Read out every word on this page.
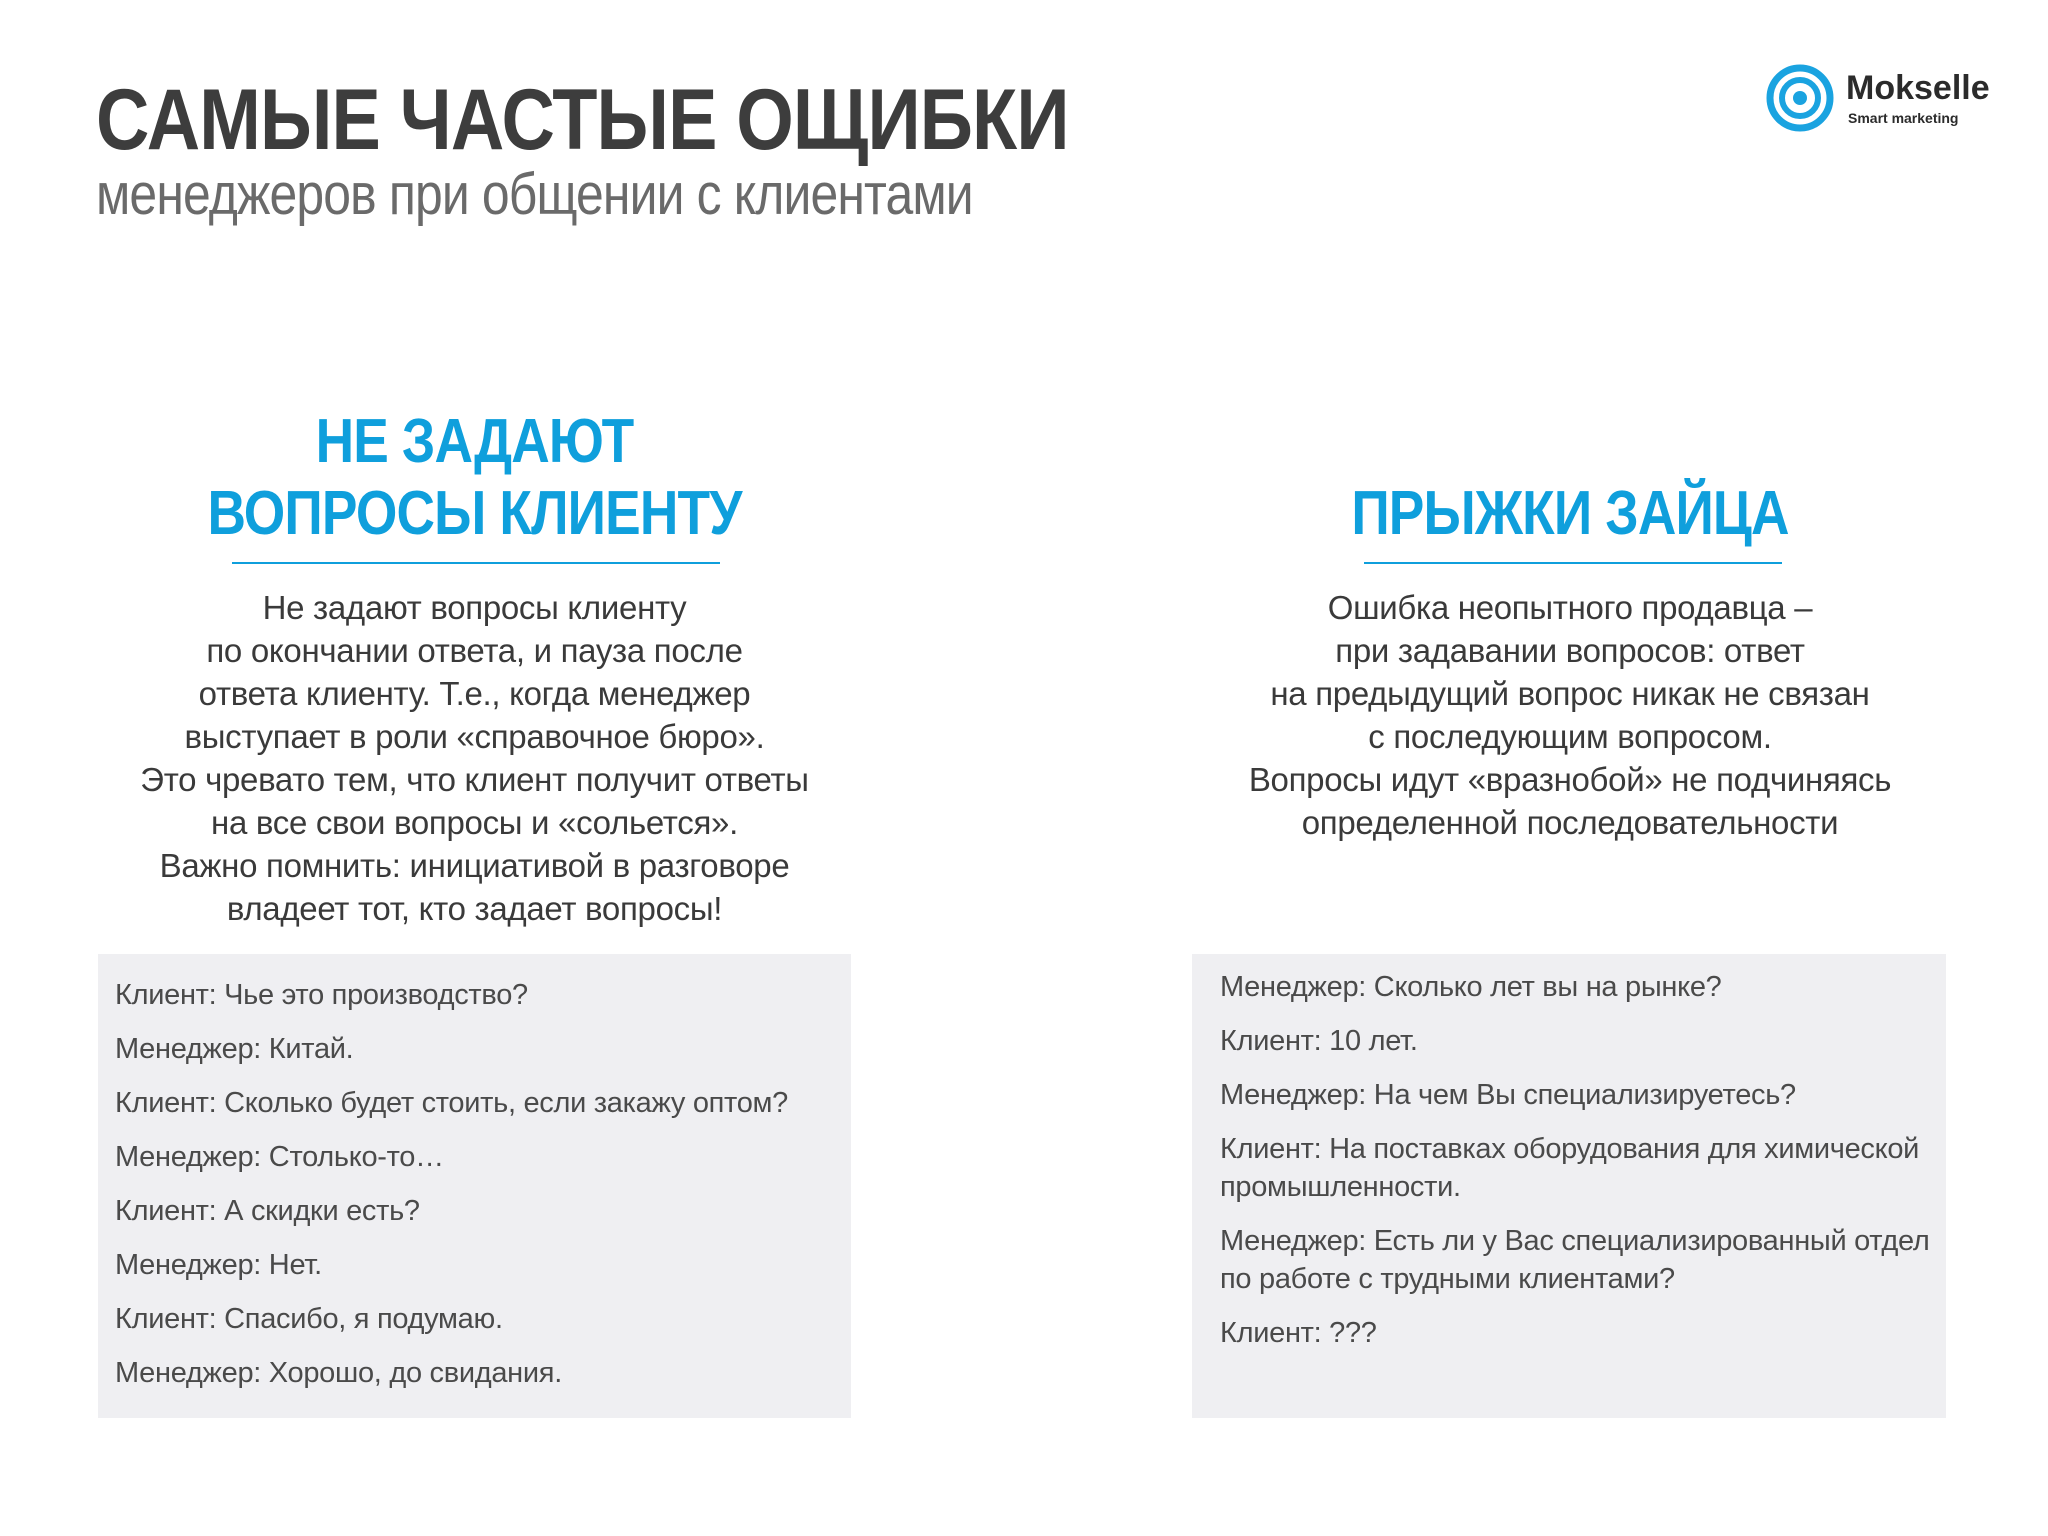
САМЫЕ ЧАСТЫЕ ОЩИБКИ
менеджеров при общении с клиентами
Mokselle
Smart marketing
НЕ ЗАДАЮТ
ВОПРОСЫ КЛИЕНТУ

Не задают вопросы клиенту
по окончании ответа, и пауза после
ответа клиенту. Т.е., когда менеджер
выступает в роли «справочное бюро».
Это чревато тем, что клиент получит ответы
на все свои вопросы и «сольется».
Важно помнить: инициативой в разговоре
владеет тот, кто задает вопросы!

ПРЫЖКИ ЗАЙЦА

Ошибка неопытного продавца –
при задавании вопросов: ответ
на предыдущий вопрос никак не связан
с последующим вопросом.
Вопросы идут «вразнобой» не подчиняясь
определенной последовательности

Клиент: Чье это производство?
Менеджер: Китай.
Клиент: Сколько будет стоить, если закажу оптом?
Менеджер: Столько-то…
Клиент: А скидки есть?
Менеджер: Нет.
Клиент: Спасибо, я подумаю.
Менеджер: Хорошо, до свидания.
Менеджер: Сколько лет вы на рынке?
Клиент: 10 лет.
Менеджер: На чем Вы специализируетесь?
Клиент: На поставках оборудования для химической промышленности.
Менеджер: Есть ли у Вас специализированный отдел по работе с трудными клиентами?
Клиент: ???
